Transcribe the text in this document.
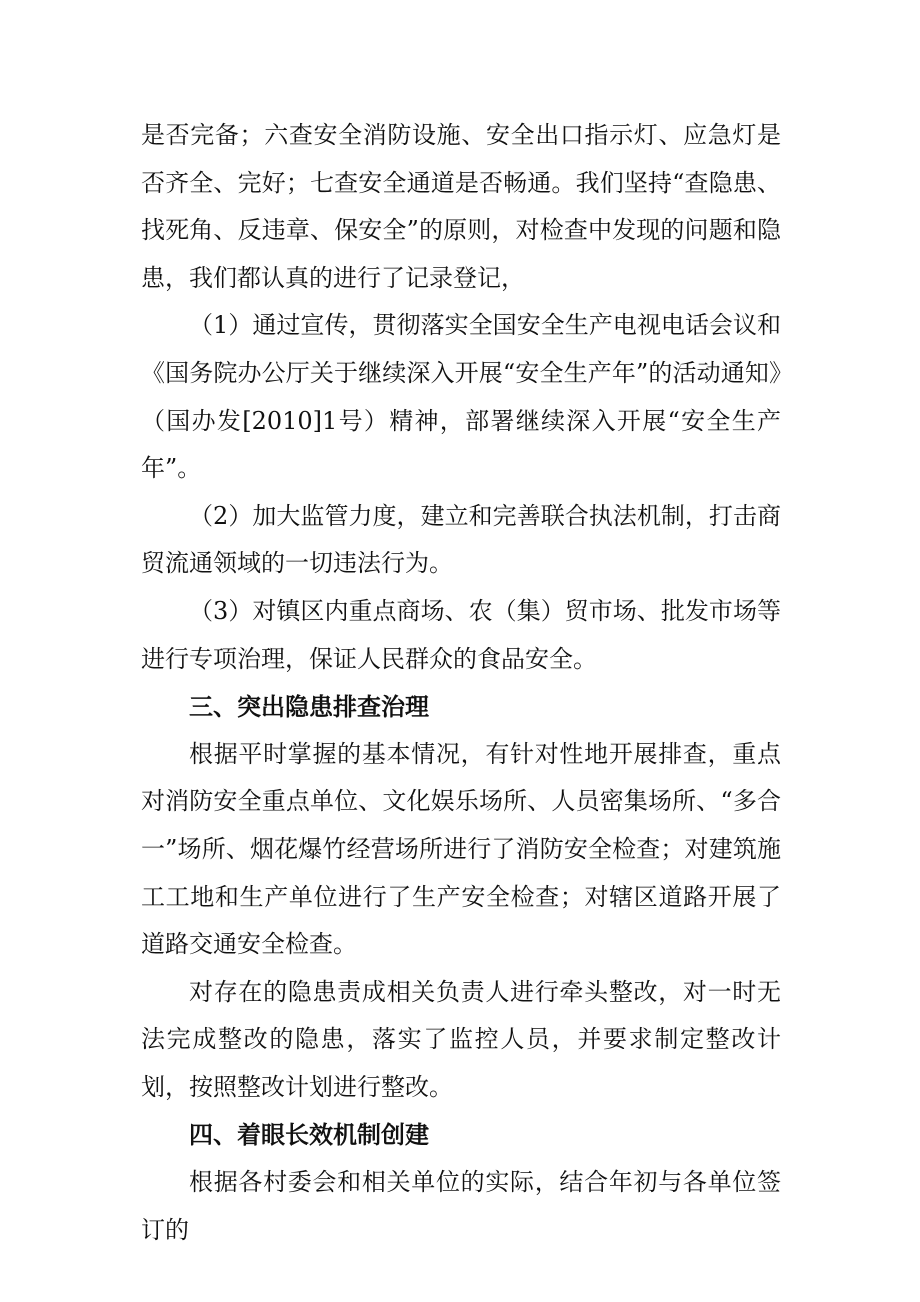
是否完备；六查安全消防设施、安全出口指示灯、应急灯是否齐全、完好；七查安全通道是否畅通。我们坚持“查隐患、找死角、反违章、保安全”的原则，对检查中发现的问题和隐患，我们都认真的进行了记录登记，

（1）通过宣传，贯彻落实全国安全生产电视电话会议和《国务院办公厅关于继续深入开展“安全生产年”的活动通知》（国办发[2010]1号）精神，部署继续深入开展“安全生产年”。

（2）加大监管力度，建立和完善联合执法机制，打击商贸流通领域的一切违法行为。

（3）对镇区内重点商场、农（集）贸市场、批发市场等进行专项治理，保证人民群众的食品安全。

三、突出隐患排查治理

根据平时掌握的基本情况，有针对性地开展排查，重点对消防安全重点单位、文化娱乐场所、人员密集场所、“多合一”场所、烟花爆竹经营场所进行了消防安全检查；对建筑施工工地和生产单位进行了生产安全检查；对辖区道路开展了道路交通安全检查。

对存在的隐患责成相关负责人进行牵头整改，对一时无法完成整改的隐患，落实了监控人员，并要求制定整改计划，按照整改计划进行整改。

四、着眼长效机制创建

根据各村委会和相关单位的实际，结合年初与各单位签订的
